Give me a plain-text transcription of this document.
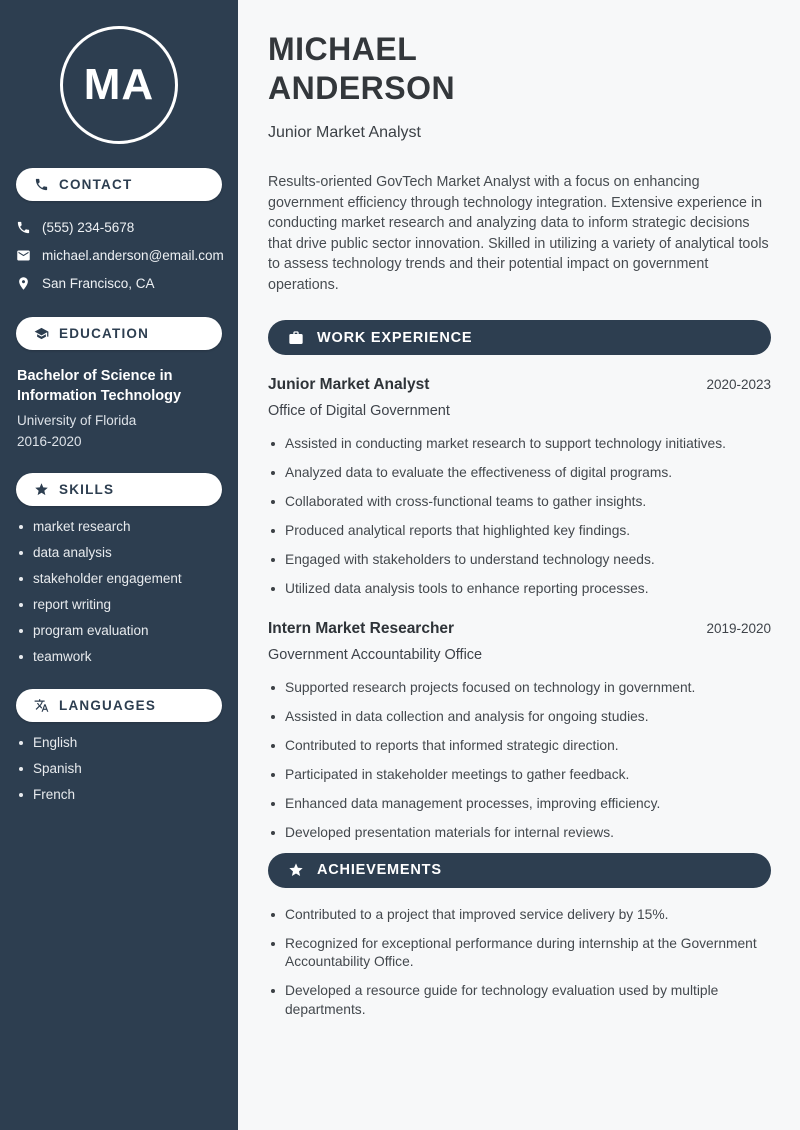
MA
CONTACT
(555) 234-5678
michael.anderson@email.com
San Francisco, CA
EDUCATION
Bachelor of Science in Information Technology
University of Florida
2016-2020
SKILLS
market research
data analysis
stakeholder engagement
report writing
program evaluation
teamwork
LANGUAGES
English
Spanish
French
MICHAEL
ANDERSON
Junior Market Analyst

Results-oriented GovTech Market Analyst with a focus on enhancing government efficiency through technology integration. Extensive experience in conducting market research and analyzing data to inform strategic decisions that drive public sector innovation. Skilled in utilizing a variety of analytical tools to assess technology trends and their potential impact on government operations.

WORK EXPERIENCE
Junior Market Analyst	2020-2023
Office of Digital Government
Assisted in conducting market research to support technology initiatives.
Analyzed data to evaluate the effectiveness of digital programs.
Collaborated with cross-functional teams to gather insights.
Produced analytical reports that highlighted key findings.
Engaged with stakeholders to understand technology needs.
Utilized data analysis tools to enhance reporting processes.
Intern Market Researcher	2019-2020
Government Accountability Office
Supported research projects focused on technology in government.
Assisted in data collection and analysis for ongoing studies.
Contributed to reports that informed strategic direction.
Participated in stakeholder meetings to gather feedback.
Enhanced data management processes, improving efficiency.
Developed presentation materials for internal reviews.
ACHIEVEMENTS
Contributed to a project that improved service delivery by 15%.
Recognized for exceptional performance during internship at the Government Accountability Office.
Developed a resource guide for technology evaluation used by multiple departments.
